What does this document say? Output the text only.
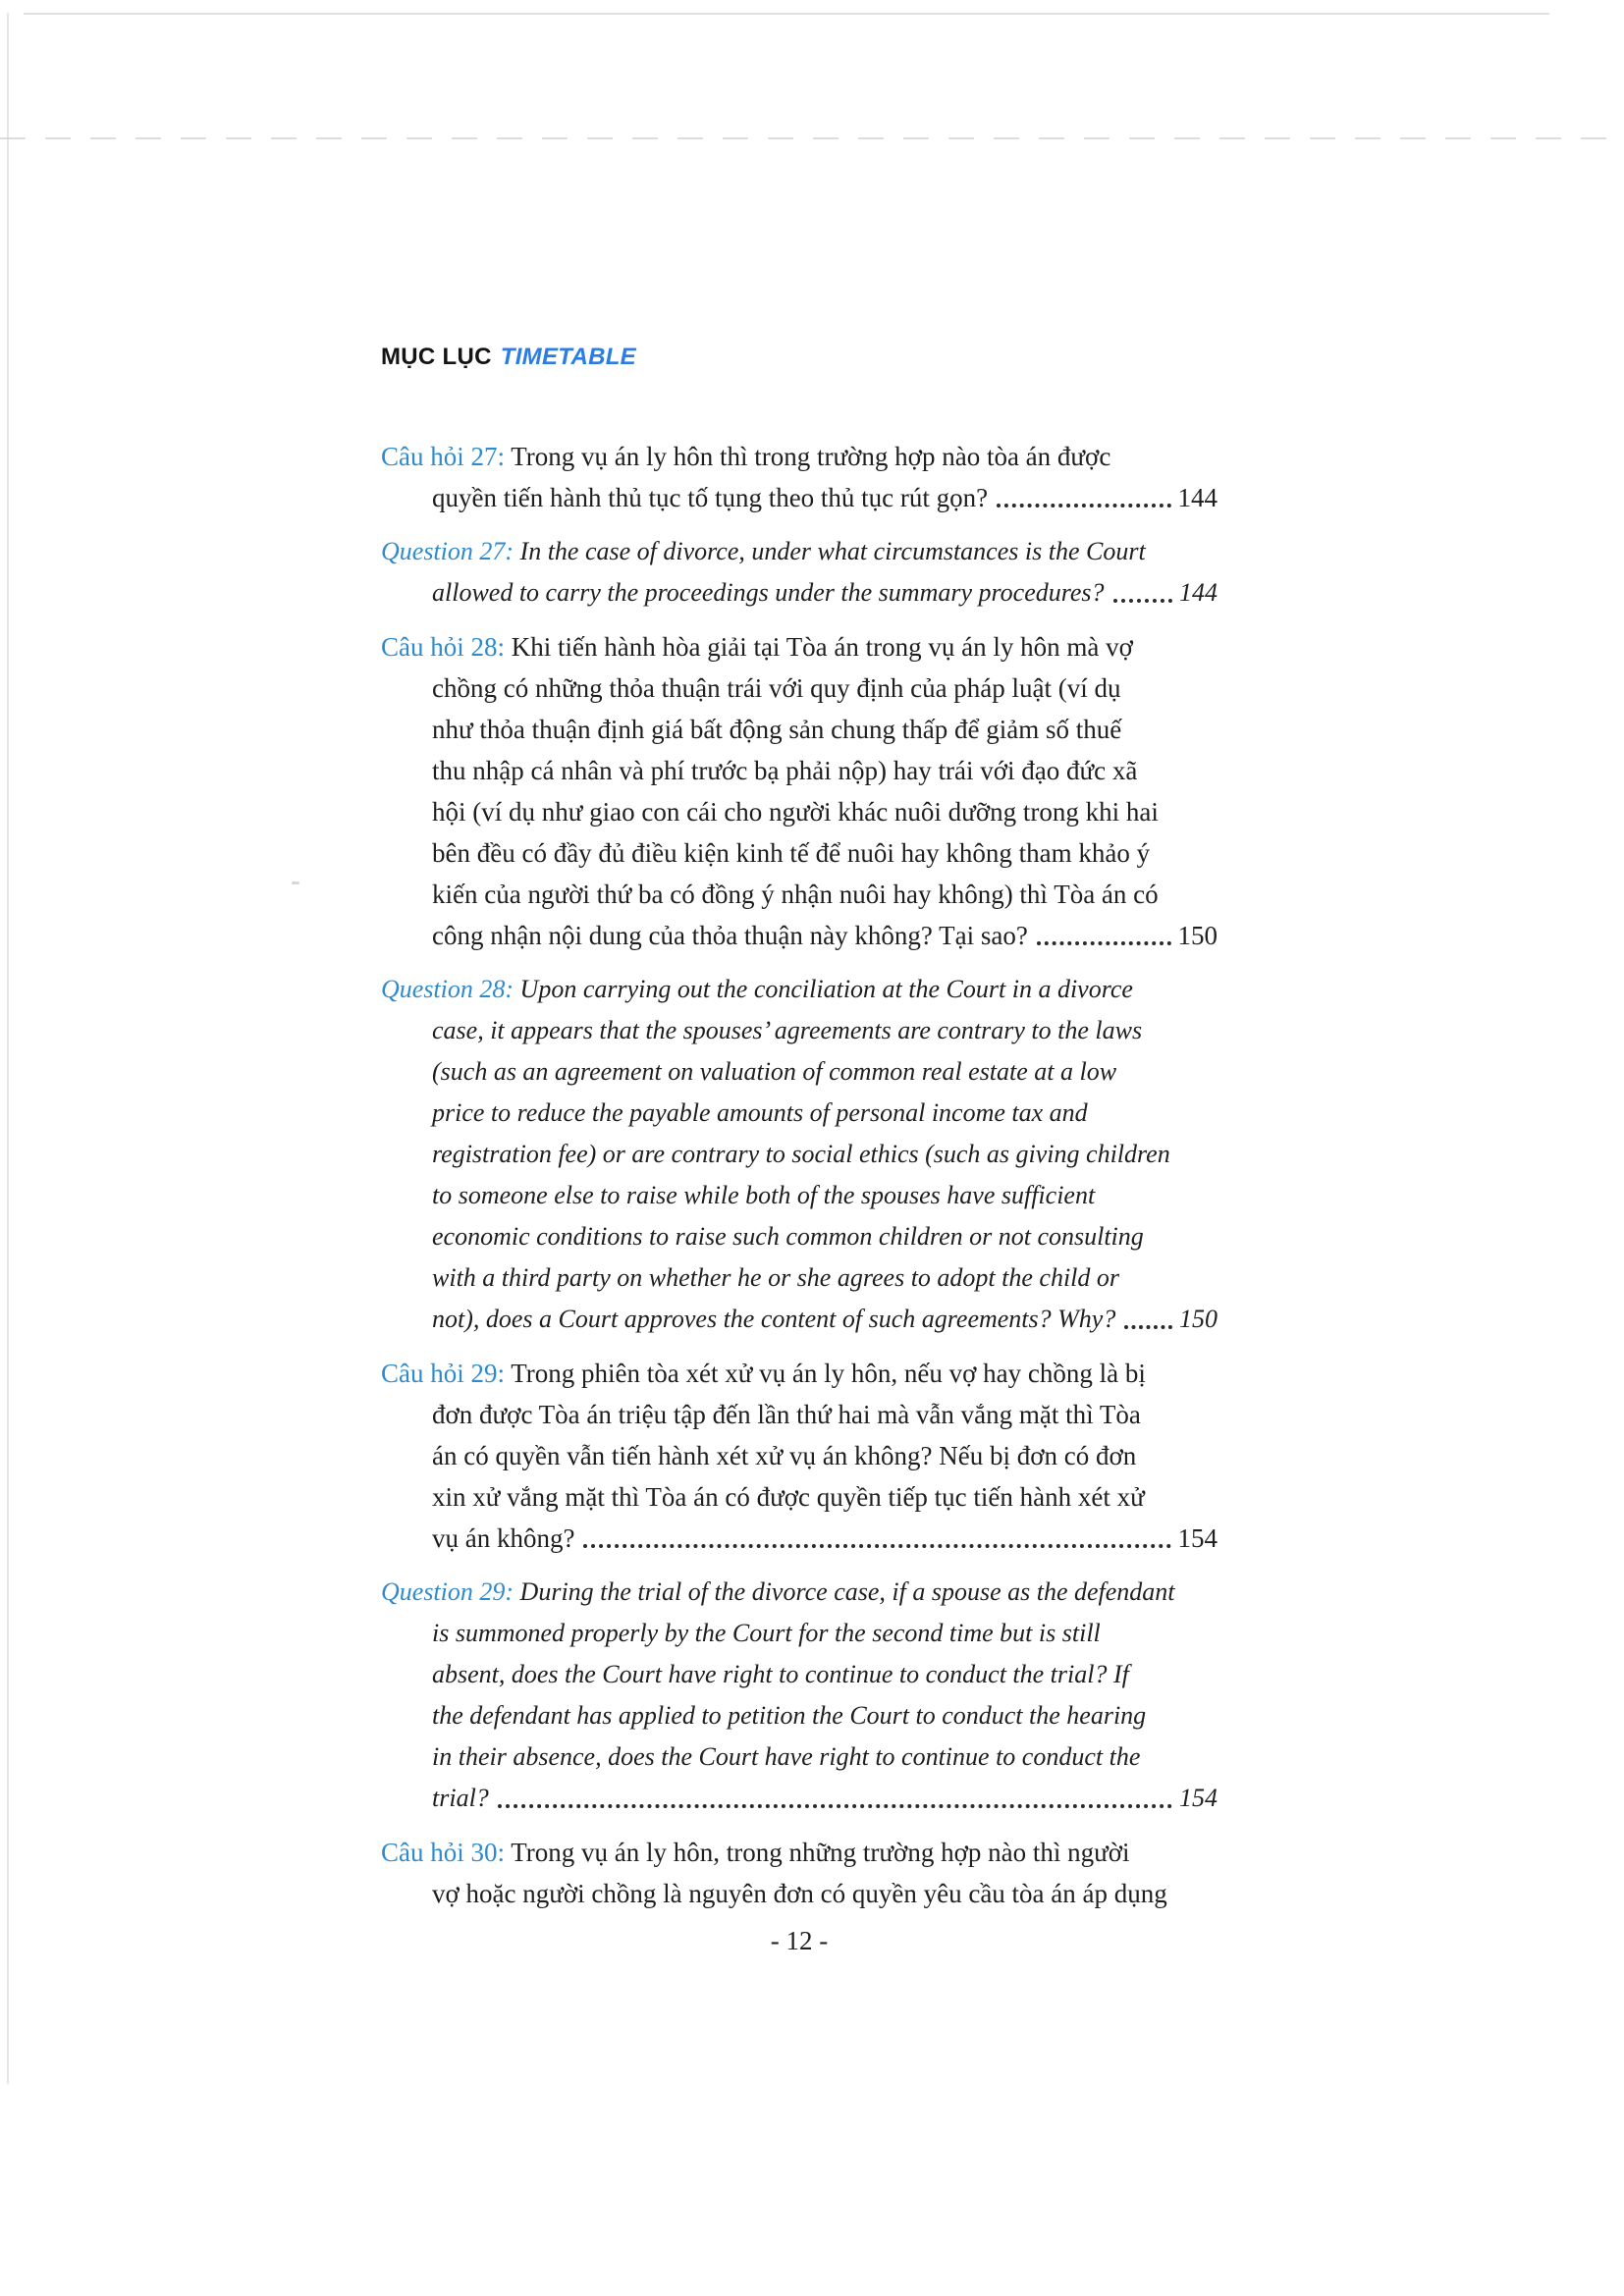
MỤC LỤC TIMETABLE
Câu hỏi 27: Trong vụ án ly hôn thì trong trường hợp nào tòa án được
quyền tiến hành thủ tục tố tụng theo thủ tục rút gọn?	144
Question 27: In the case of divorce, under what circumstances is the Court
allowed to carry the proceedings under the summary procedures?	144
Câu hỏi 28: Khi tiến hành hòa giải tại Tòa án trong vụ án ly hôn mà vợ
chồng có những thỏa thuận trái với quy định của pháp luật (ví dụ
như thỏa thuận định giá bất động sản chung thấp để giảm số thuế
thu nhập cá nhân và phí trước bạ phải nộp) hay trái với đạo đức xã
hội (ví dụ như giao con cái cho người khác nuôi dưỡng trong khi hai
bên đều có đầy đủ điều kiện kinh tế để nuôi hay không tham khảo ý
kiến của người thứ ba có đồng ý nhận nuôi hay không) thì Tòa án có
công nhận nội dung của thỏa thuận này không? Tại sao?	150
Question 28: Upon carrying out the conciliation at the Court in a divorce
case, it appears that the spouses’ agreements are contrary to the laws
(such as an agreement on valuation of common real estate at a low
price to reduce the payable amounts of personal income tax and
registration fee) or are contrary to social ethics (such as giving children
to someone else to raise while both of the spouses have sufficient
economic conditions to raise such common children or not consulting
with a third party on whether he or she agrees to adopt the child or
not), does a Court approves the content of such agreements? Why? 150
Câu hỏi 29: Trong phiên tòa xét xử vụ án ly hôn, nếu vợ hay chồng là bị
đơn được Tòa án triệu tập đến lần thứ hai mà vẫn vắng mặt thì Tòa
án có quyền vẫn tiến hành xét xử vụ án không? Nếu bị đơn có đơn
xin xử vắng mặt thì Tòa án có được quyền tiếp tục tiến hành xét xử
vụ án không?	154
Question 29: During the trial of the divorce case, if a spouse as the defendant
is summoned properly by the Court for the second time but is still
absent, does the Court have right to continue to conduct the trial? If
the defendant has applied to petition the Court to conduct the hearing
in their absence, does the Court have right to continue to conduct the
trial?	154
Câu hỏi 30: Trong vụ án ly hôn, trong những trường hợp nào thì người
vợ hoặc người chồng là nguyên đơn có quyền yêu cầu tòa án áp dụng
- 12 -
